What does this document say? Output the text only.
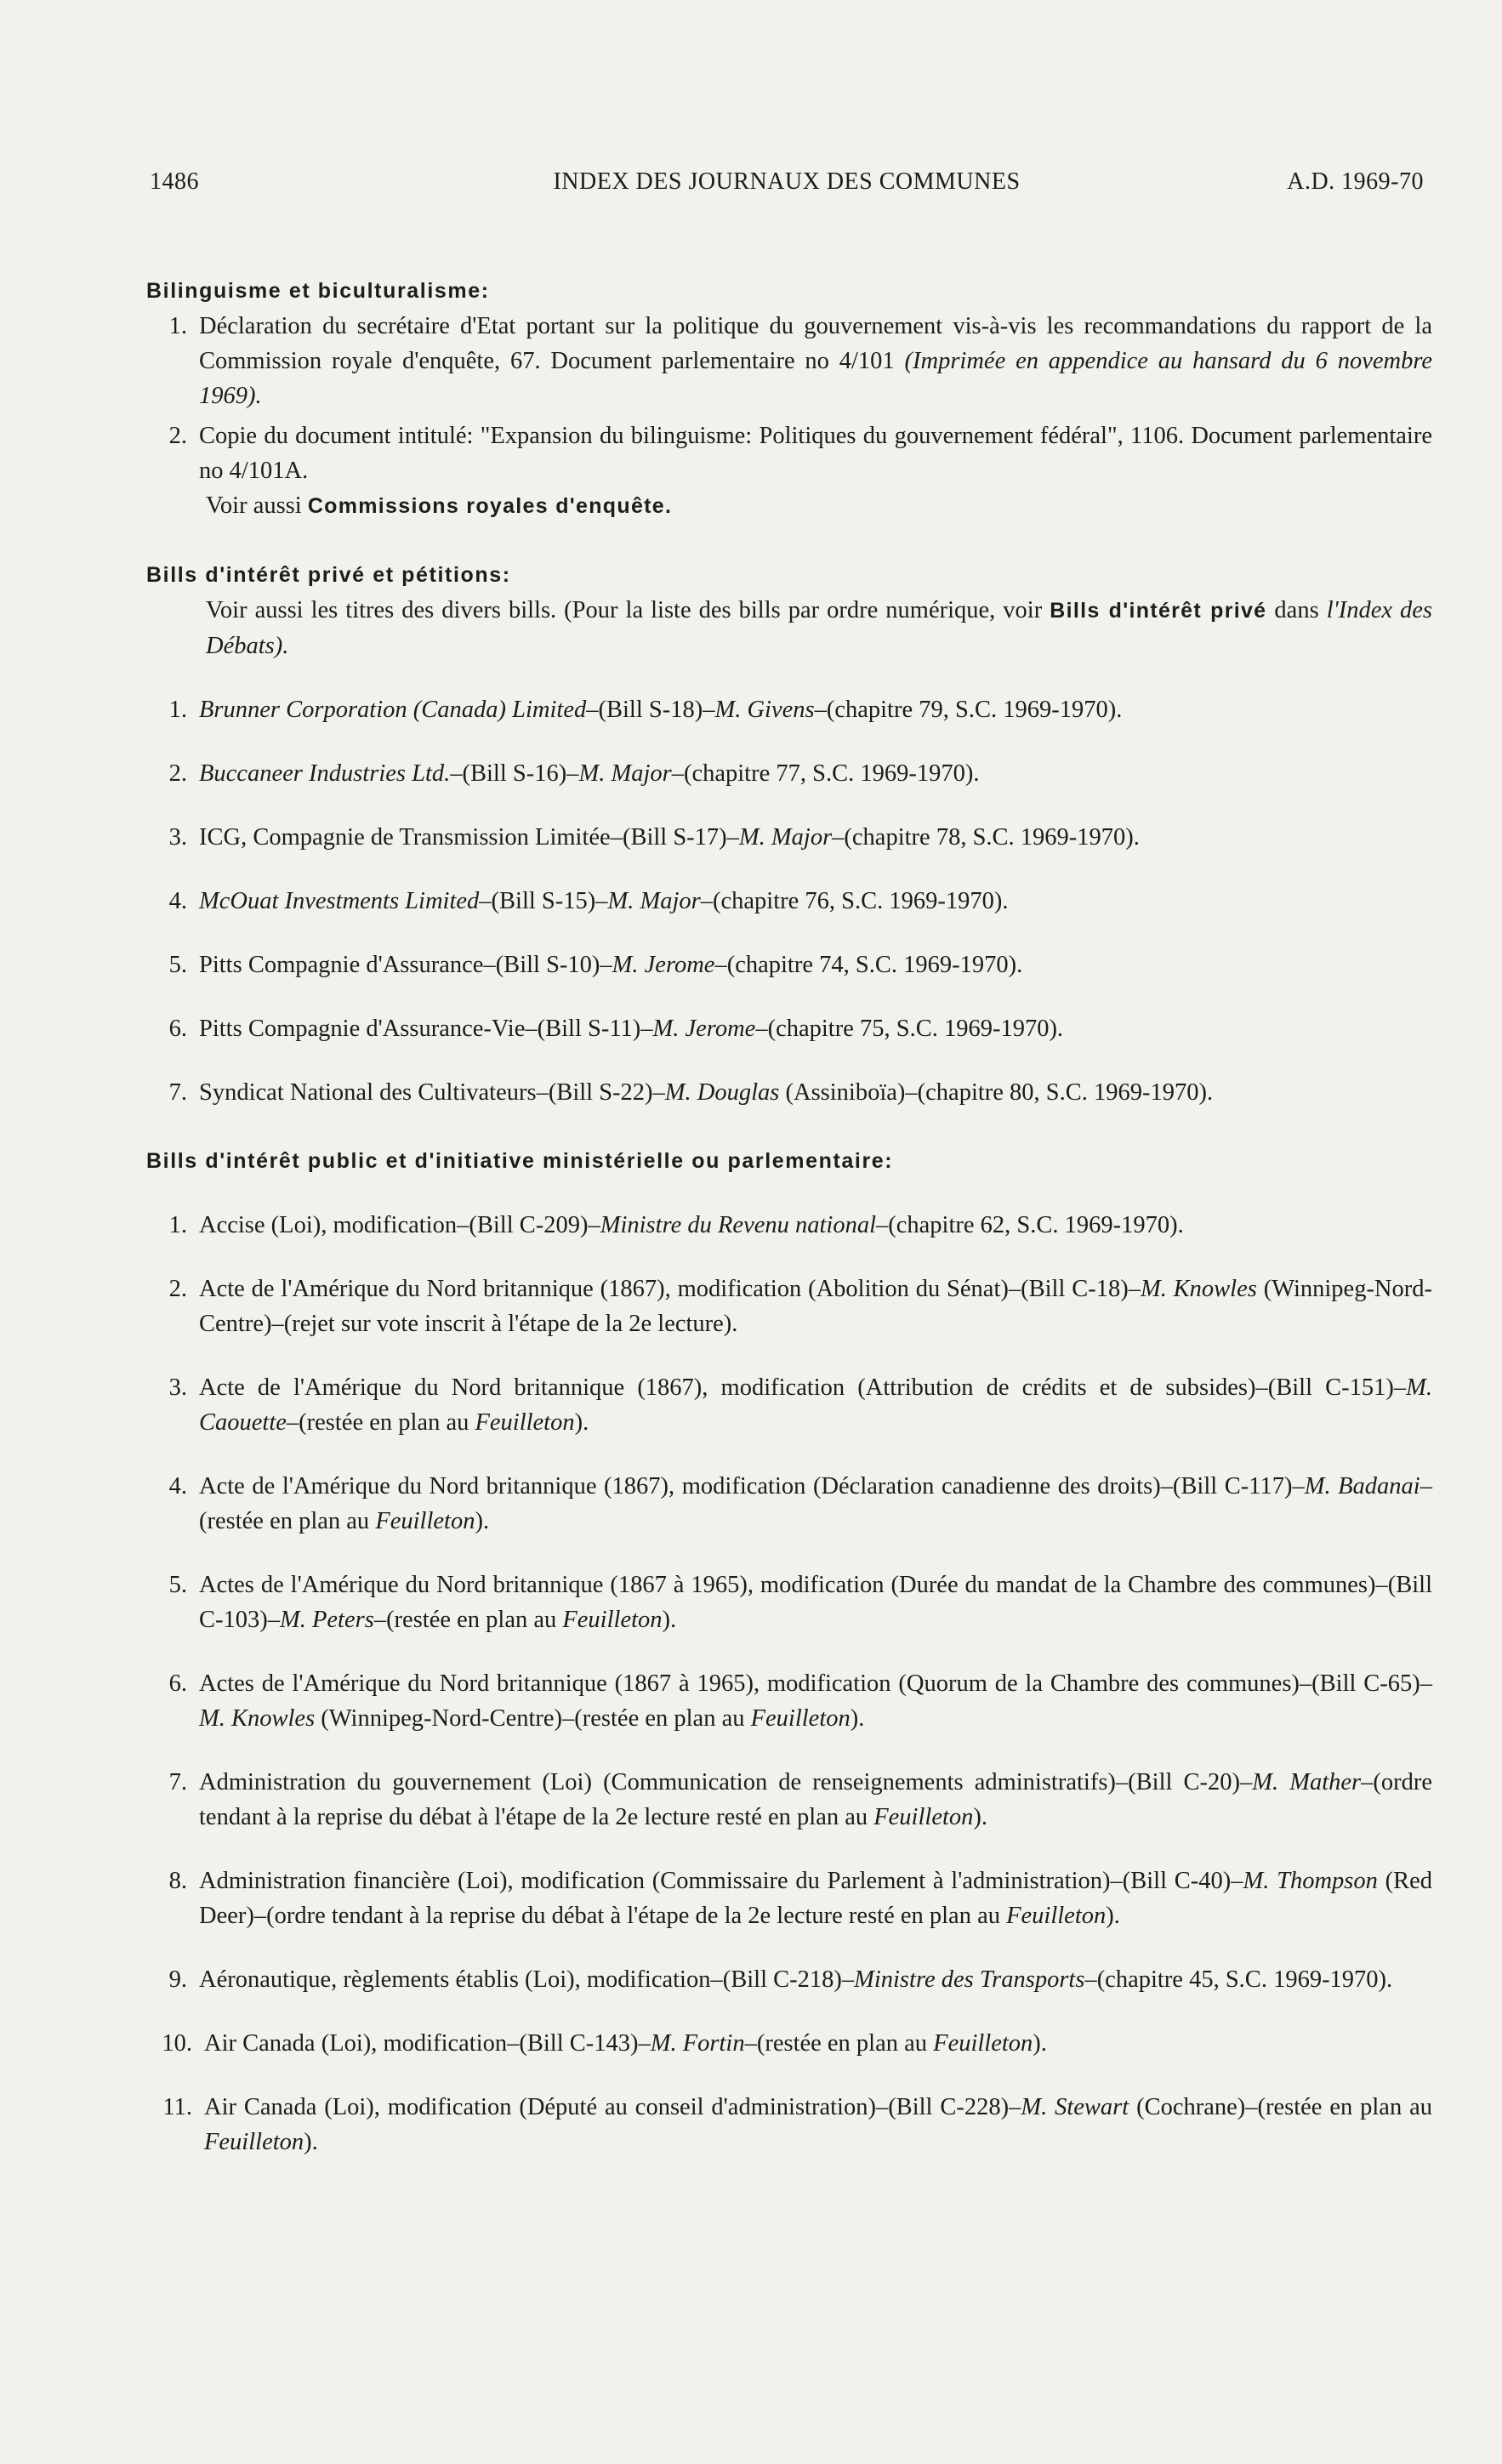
1486	INDEX DES JOURNAUX DES COMMUNES	A.D. 1969-70
Bilinguisme et biculturalisme:
1. Déclaration du secrétaire d'Etat portant sur la politique du gouvernement vis-à-vis les recommandations du rapport de la Commission royale d'enquête, 67. Document parlementaire no 4/101 (Imprimée en appendice au hansard du 6 novembre 1969).
2. Copie du document intitulé: "Expansion du bilinguisme: Politiques du gouvernement fédéral", 1106. Document parlementaire no 4/101A.
Voir aussi Commissions royales d'enquête.
Bills d'intérêt privé et pétitions:
Voir aussi les titres des divers bills. (Pour la liste des bills par ordre numérique, voir Bills d'intérêt privé dans l'Index des Débats).
1. Brunner Corporation (Canada) Limited–(Bill S-18)–M. Givens–(chapitre 79, S.C. 1969-1970).
2. Buccaneer Industries Ltd.–(Bill S-16)–M. Major–(chapitre 77, S.C. 1969-1970).
3. ICG, Compagnie de Transmission Limitée–(Bill S-17)–M. Major–(chapitre 78, S.C. 1969-1970).
4. McOuat Investments Limited–(Bill S-15)–M. Major–(chapitre 76, S.C. 1969-1970).
5. Pitts Compagnie d'Assurance–(Bill S-10)–M. Jerome–(chapitre 74, S.C. 1969-1970).
6. Pitts Compagnie d'Assurance-Vie–(Bill S-11)–M. Jerome–(chapitre 75, S.C. 1969-1970).
7. Syndicat National des Cultivateurs–(Bill S-22)–M. Douglas (Assiniboïa)–(chapitre 80, S.C. 1969-1970).
Bills d'intérêt public et d'initiative ministérielle ou parlementaire:
1. Accise (Loi), modification–(Bill C-209)–Ministre du Revenu national–(chapitre 62, S.C. 1969-1970).
2. Acte de l'Amérique du Nord britannique (1867), modification (Abolition du Sénat)–(Bill C-18)–M. Knowles (Winnipeg-Nord-Centre)–(rejet sur vote inscrit à l'étape de la 2e lecture).
3. Acte de l'Amérique du Nord britannique (1867), modification (Attribution de crédits et de subsides)–(Bill C-151)–M. Caouette–(restée en plan au Feuilleton).
4. Acte de l'Amérique du Nord britannique (1867), modification (Déclaration canadienne des droits)–(Bill C-117)–M. Badanai–(restée en plan au Feuilleton).
5. Actes de l'Amérique du Nord britannique (1867 à 1965), modification (Durée du mandat de la Chambre des communes)–(Bill C-103)–M. Peters–(restée en plan au Feuilleton).
6. Actes de l'Amérique du Nord britannique (1867 à 1965), modification (Quorum de la Chambre des communes)–(Bill C-65)–M. Knowles (Winnipeg-Nord-Centre)–(restée en plan au Feuilleton).
7. Administration du gouvernement (Loi) (Communication de renseignements administratifs)–(Bill C-20)–M. Mather–(ordre tendant à la reprise du débat à l'étape de la 2e lecture resté en plan au Feuilleton).
8. Administration financière (Loi), modification (Commissaire du Parlement à l'administration)–(Bill C-40)–M. Thompson (Red Deer)–(ordre tendant à la reprise du débat à l'étape de la 2e lecture resté en plan au Feuilleton).
9. Aéronautique, règlements établis (Loi), modification–(Bill C-218)–Ministre des Transports–(chapitre 45, S.C. 1969-1970).
10. Air Canada (Loi), modification–(Bill C-143)–M. Fortin–(restée en plan au Feuilleton).
11. Air Canada (Loi), modification (Député au conseil d'administration)–(Bill C-228)–M. Stewart (Cochrane)–(restée en plan au Feuilleton).
